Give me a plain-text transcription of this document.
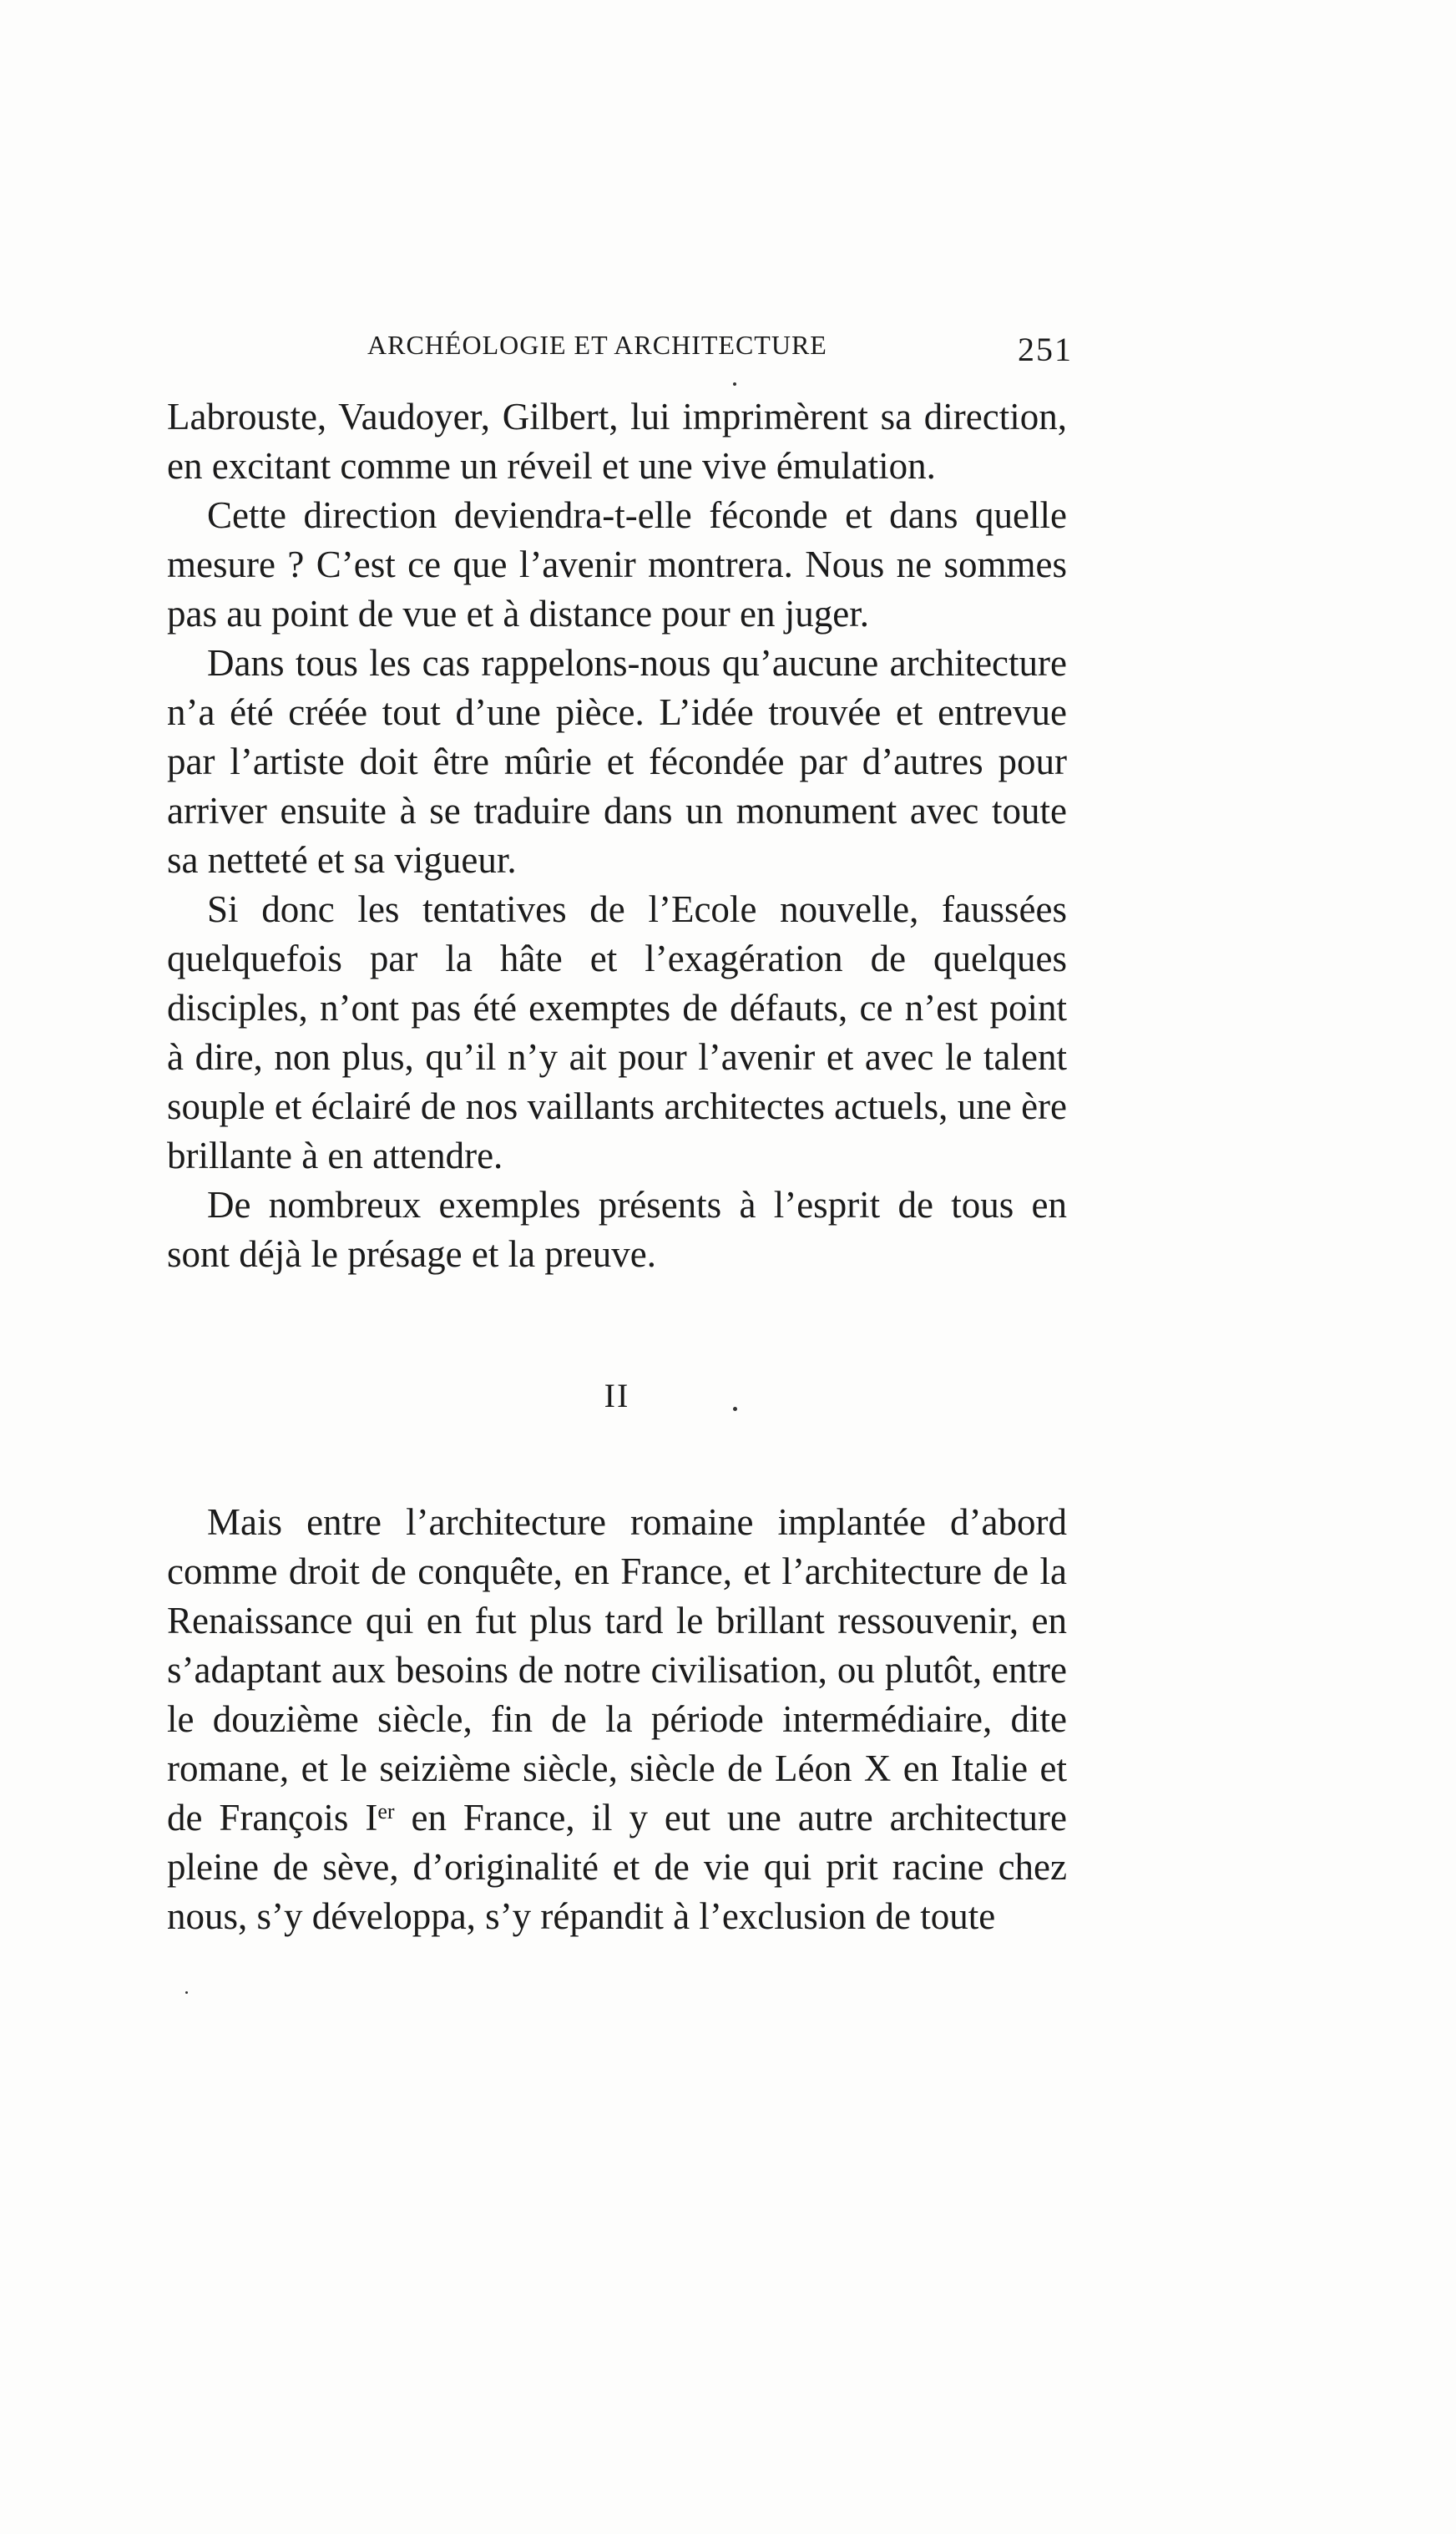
ARCHÉOLOGIE ET ARCHITECTURE	251

Labrouste, Vaudoyer, Gilbert, lui imprimèrent sa direction, en excitant comme un réveil et une vive émulation.

Cette direction deviendra-t-elle féconde et dans quelle mesure ? C’est ce que l’avenir montrera. Nous ne sommes pas au point de vue et à distance pour en juger.

Dans tous les cas rappelons-nous qu’aucune architecture n’a été créée tout d’une pièce. L’idée trouvée et entrevue par l’artiste doit être mûrie et fécondée par d’autres pour arriver ensuite à se traduire dans un monument avec toute sa netteté et sa vigueur.

Si donc les tentatives de l’Ecole nouvelle, faussées quelquefois par la hâte et l’exagération de quelques disciples, n’ont pas été exemptes de défauts, ce n’est point à dire, non plus, qu’il n’y ait pour l’avenir et avec le talent souple et éclairé de nos vaillants architectes actuels, une ère brillante à en attendre.

De nombreux exemples présents à l’esprit de tous en sont déjà le présage et la preuve.

II

Mais entre l’architecture romaine implantée d’abord comme droit de conquête, en France, et l’architecture de la Renaissance qui en fut plus tard le brillant ressouvenir, en s’adaptant aux besoins de notre civilisation, ou plutôt, entre le douzième siècle, fin de la période intermédiaire, dite romane, et le seizième siècle, siècle de Léon X en Italie et de François Ier en France, il y eut une autre architecture pleine de sève, d’originalité et de vie qui prit racine chez nous, s’y développa, s’y répandit à l’exclusion de toute
